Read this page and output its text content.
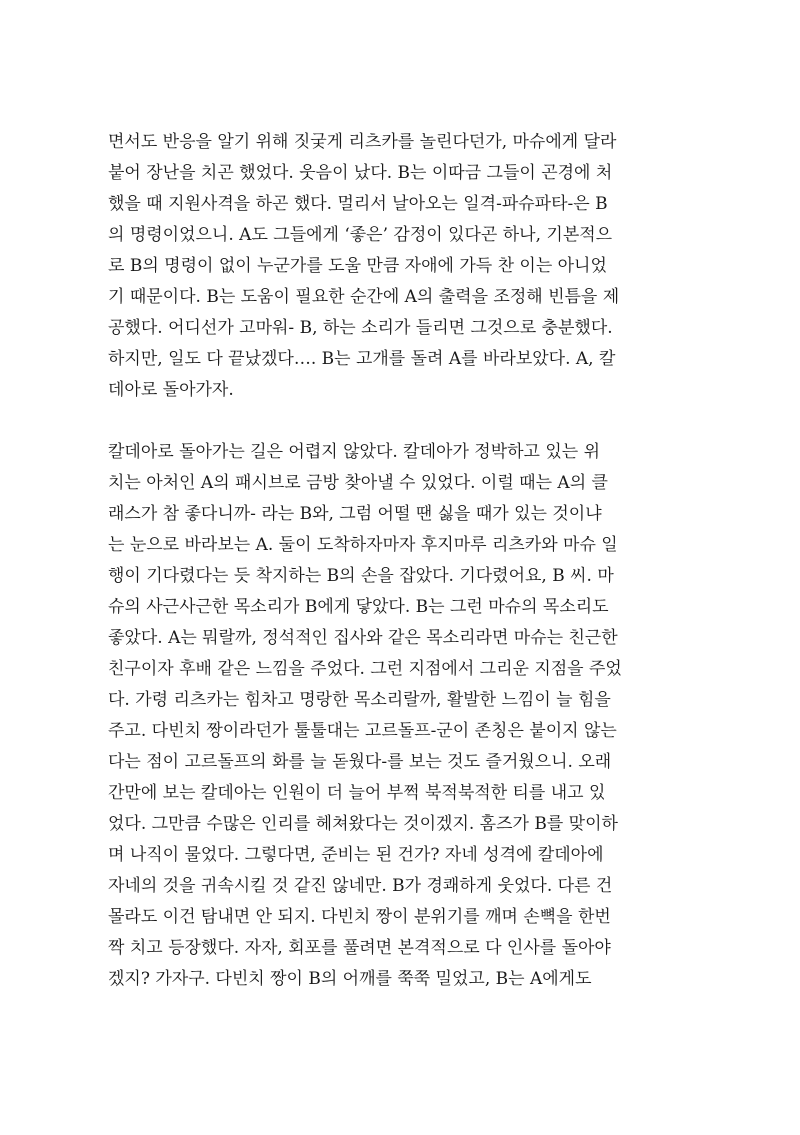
면서도 반응을 알기 위해 짓궂게 리츠카를 놀린다던가, 마슈에게 달라
붙어 장난을 치곤 했었다. 웃음이 났다. B는 이따금 그들이 곤경에 처
했을 때 지원사격을 하곤 했다. 멀리서 날아오는 일격-파슈파타-은 B
의 명령이었으니. A도 그들에게 ‘좋은’ 감정이 있다곤 하나, 기본적으
로 B의 명령이 없이 누군가를 도울 만큼 자애에 가득 찬 이는 아니었
기 때문이다. B는 도움이 필요한 순간에 A의 출력을 조정해 빈틈을 제
공했다. 어디선가 고마워- B, 하는 소리가 들리면 그것으로 충분했다.
하지만, 일도 다 끝났겠다…. B는 고개를 돌려 A를 바라보았다. A, 칼
데아로 돌아가자.
칼데아로 돌아가는 길은 어렵지 않았다. 칼데아가 정박하고 있는 위
치는 아처인 A의 패시브로 금방 찾아낼 수 있었다. 이럴 때는 A의 클
래스가 참 좋다니까- 라는 B와, 그럼 어떨 땐 싫을 때가 있는 것이냐
는 눈으로 바라보는 A. 둘이 도착하자마자 후지마루 리츠카와 마슈 일
행이 기다렸다는 듯 착지하는 B의 손을 잡았다. 기다렸어요, B 씨. 마
슈의 사근사근한 목소리가 B에게 닿았다. B는 그런 마슈의 목소리도
좋았다. A는 뭐랄까, 정석적인 집사와 같은 목소리라면 마슈는 친근한
친구이자 후배 같은 느낌을 주었다. 그런 지점에서 그리운 지점을 주었
다. 가령 리츠카는 힘차고 명랑한 목소리랄까, 활발한 느낌이 늘 힘을
주고. 다빈치 짱이라던가 툴툴대는 고르돌프-군이 존칭은 붙이지 않는
다는 점이 고르돌프의 화를 늘 돋웠다-를 보는 것도 즐거웠으니. 오래
간만에 보는 칼데아는 인원이 더 늘어 부쩍 북적북적한 티를 내고 있
었다. 그만큼 수많은 인리를 헤쳐왔다는 것이겠지. 홈즈가 B를 맞이하
며 나직이 물었다. 그렇다면, 준비는 된 건가? 자네 성격에 칼데아에
자네의 것을 귀속시킬 것 같진 않네만. B가 경쾌하게 웃었다. 다른 건
몰라도 이건 탐내면 안 되지. 다빈치 짱이 분위기를 깨며 손뼉을 한번
짝 치고 등장했다. 자자, 회포를 풀려면 본격적으로 다 인사를 돌아야
겠지? 가자구. 다빈치 짱이 B의 어깨를 쭉쭉 밀었고, B는 A에게도
